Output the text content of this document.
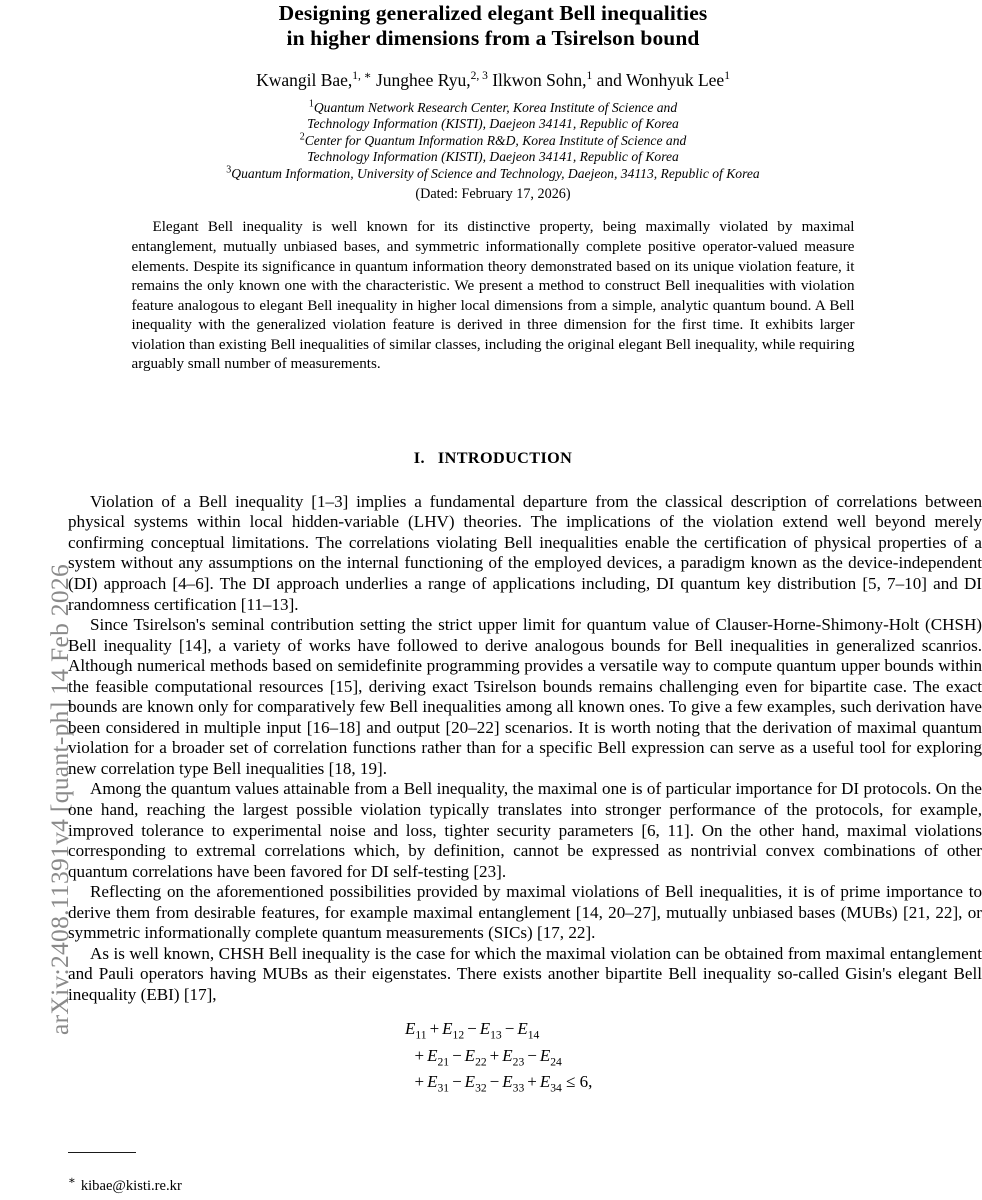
arXiv:2408.11391v4 [quant-ph] 14 Feb 2026
Designing generalized elegant Bell inequalities
in higher dimensions from a Tsirelson bound
Kwangil Bae,$^{1, ∗}$ Junghee Ryu,$^{2, 3}$ Ilkwon Sohn,$^1$ and Wonhyuk Lee$^1$
$^1$Quantum Network Research Center, Korea Institute of Science and
Technology Information (KISTI), Daejeon 34141, Republic of Korea
$^2$Center for Quantum Information R&D, Korea Institute of Science and
Technology Information (KISTI), Daejeon 34141, Republic of Korea
$^3$Quantum Information, University of Science and Technology, Daejeon, 34113, Republic of Korea
(Dated: February 17, 2026)
Elegant Bell inequality is well known for its distinctive property, being maximally violated by maximal entanglement, mutually unbiased bases, and symmetric informationally complete positive operator-valued measure elements. Despite its significance in quantum information theory demonstrated based on its unique violation feature, it remains the only known one with the characteristic. We present a method to construct Bell inequalities with violation feature analogous to elegant Bell inequality in higher local dimensions from a simple, analytic quantum bound. A Bell inequality with the generalized violation feature is derived in three dimension for the first time. It exhibits larger violation than existing Bell inequalities of similar classes, including the original elegant Bell inequality, while requiring arguably small number of measurements.
I. INTRODUCTION

Violation of a Bell inequality [1–3] implies a fundamental departure from the classical description of correlations between physical systems within local hidden-variable (LHV) theories. The implications of the violation extend well beyond merely confirming conceptual limitations. The correlations violating Bell inequalities enable the certification of physical properties of a system without any assumptions on the internal functioning of the employed devices, a paradigm known as the device-independent (DI) approach [4–6]. The DI approach underlies a range of applications including, DI quantum key distribution [5, 7–10] and DI randomness certification [11–13].

Since Tsirelson's seminal contribution setting the strict upper limit for quantum value of Clauser-Horne-Shimony-Holt (CHSH) Bell inequality [14], a variety of works have followed to derive analogous bounds for Bell inequalities in generalized scanrios. Although numerical methods based on semidefinite programming provides a versatile way to compute quantum upper bounds within the feasible computational resources [15], deriving exact Tsirelson bounds remains challenging even for bipartite case. The exact bounds are known only for comparatively few Bell inequalities among all known ones. To give a few examples, such derivation have been considered in multiple input [16–18] and output [20–22] scenarios. It is worth noting that the derivation of maximal quantum violation for a broader set of correlation functions rather than for a specific Bell expression can serve as a useful tool for exploring new correlation type Bell inequalities [18, 19].

Among the quantum values attainable from a Bell inequality, the maximal one is of particular importance for DI protocols. On the one hand, reaching the largest possible violation typically translates into stronger performance of the protocols, for example, improved tolerance to experimental noise and loss, tighter security parameters [6, 11]. On the other hand, maximal violations corresponding to extremal correlations which, by definition, cannot be expressed as nontrivial convex combinations of other quantum correlations have been favored for DI self-testing [23].

Reflecting on the aforementioned possibilities provided by maximal violations of Bell inequalities, it is of prime importance to derive them from desirable features, for example maximal entanglement [14, 20–27], mutually unbiased bases (MUBs) [21, 22], or symmetric informationally complete quantum measurements (SICs) [17, 22].

As is well known, CHSH Bell inequality is the case for which the maximal violation can be obtained from maximal entanglement and Pauli operators having MUBs as their eigenstates. There exists another bipartite Bell inequality so-called Gisin's elegant Bell inequality (EBI) [17],

$E_{11} + E_{12} - E_{13} - E_{14}$
+ $E_{21} - E_{22} + E_{23} - E_{24}$
+ $E_{31} - E_{32} - E_{33} + E_{34} \le 6$,
∗ kibae@kisti.re.kr
